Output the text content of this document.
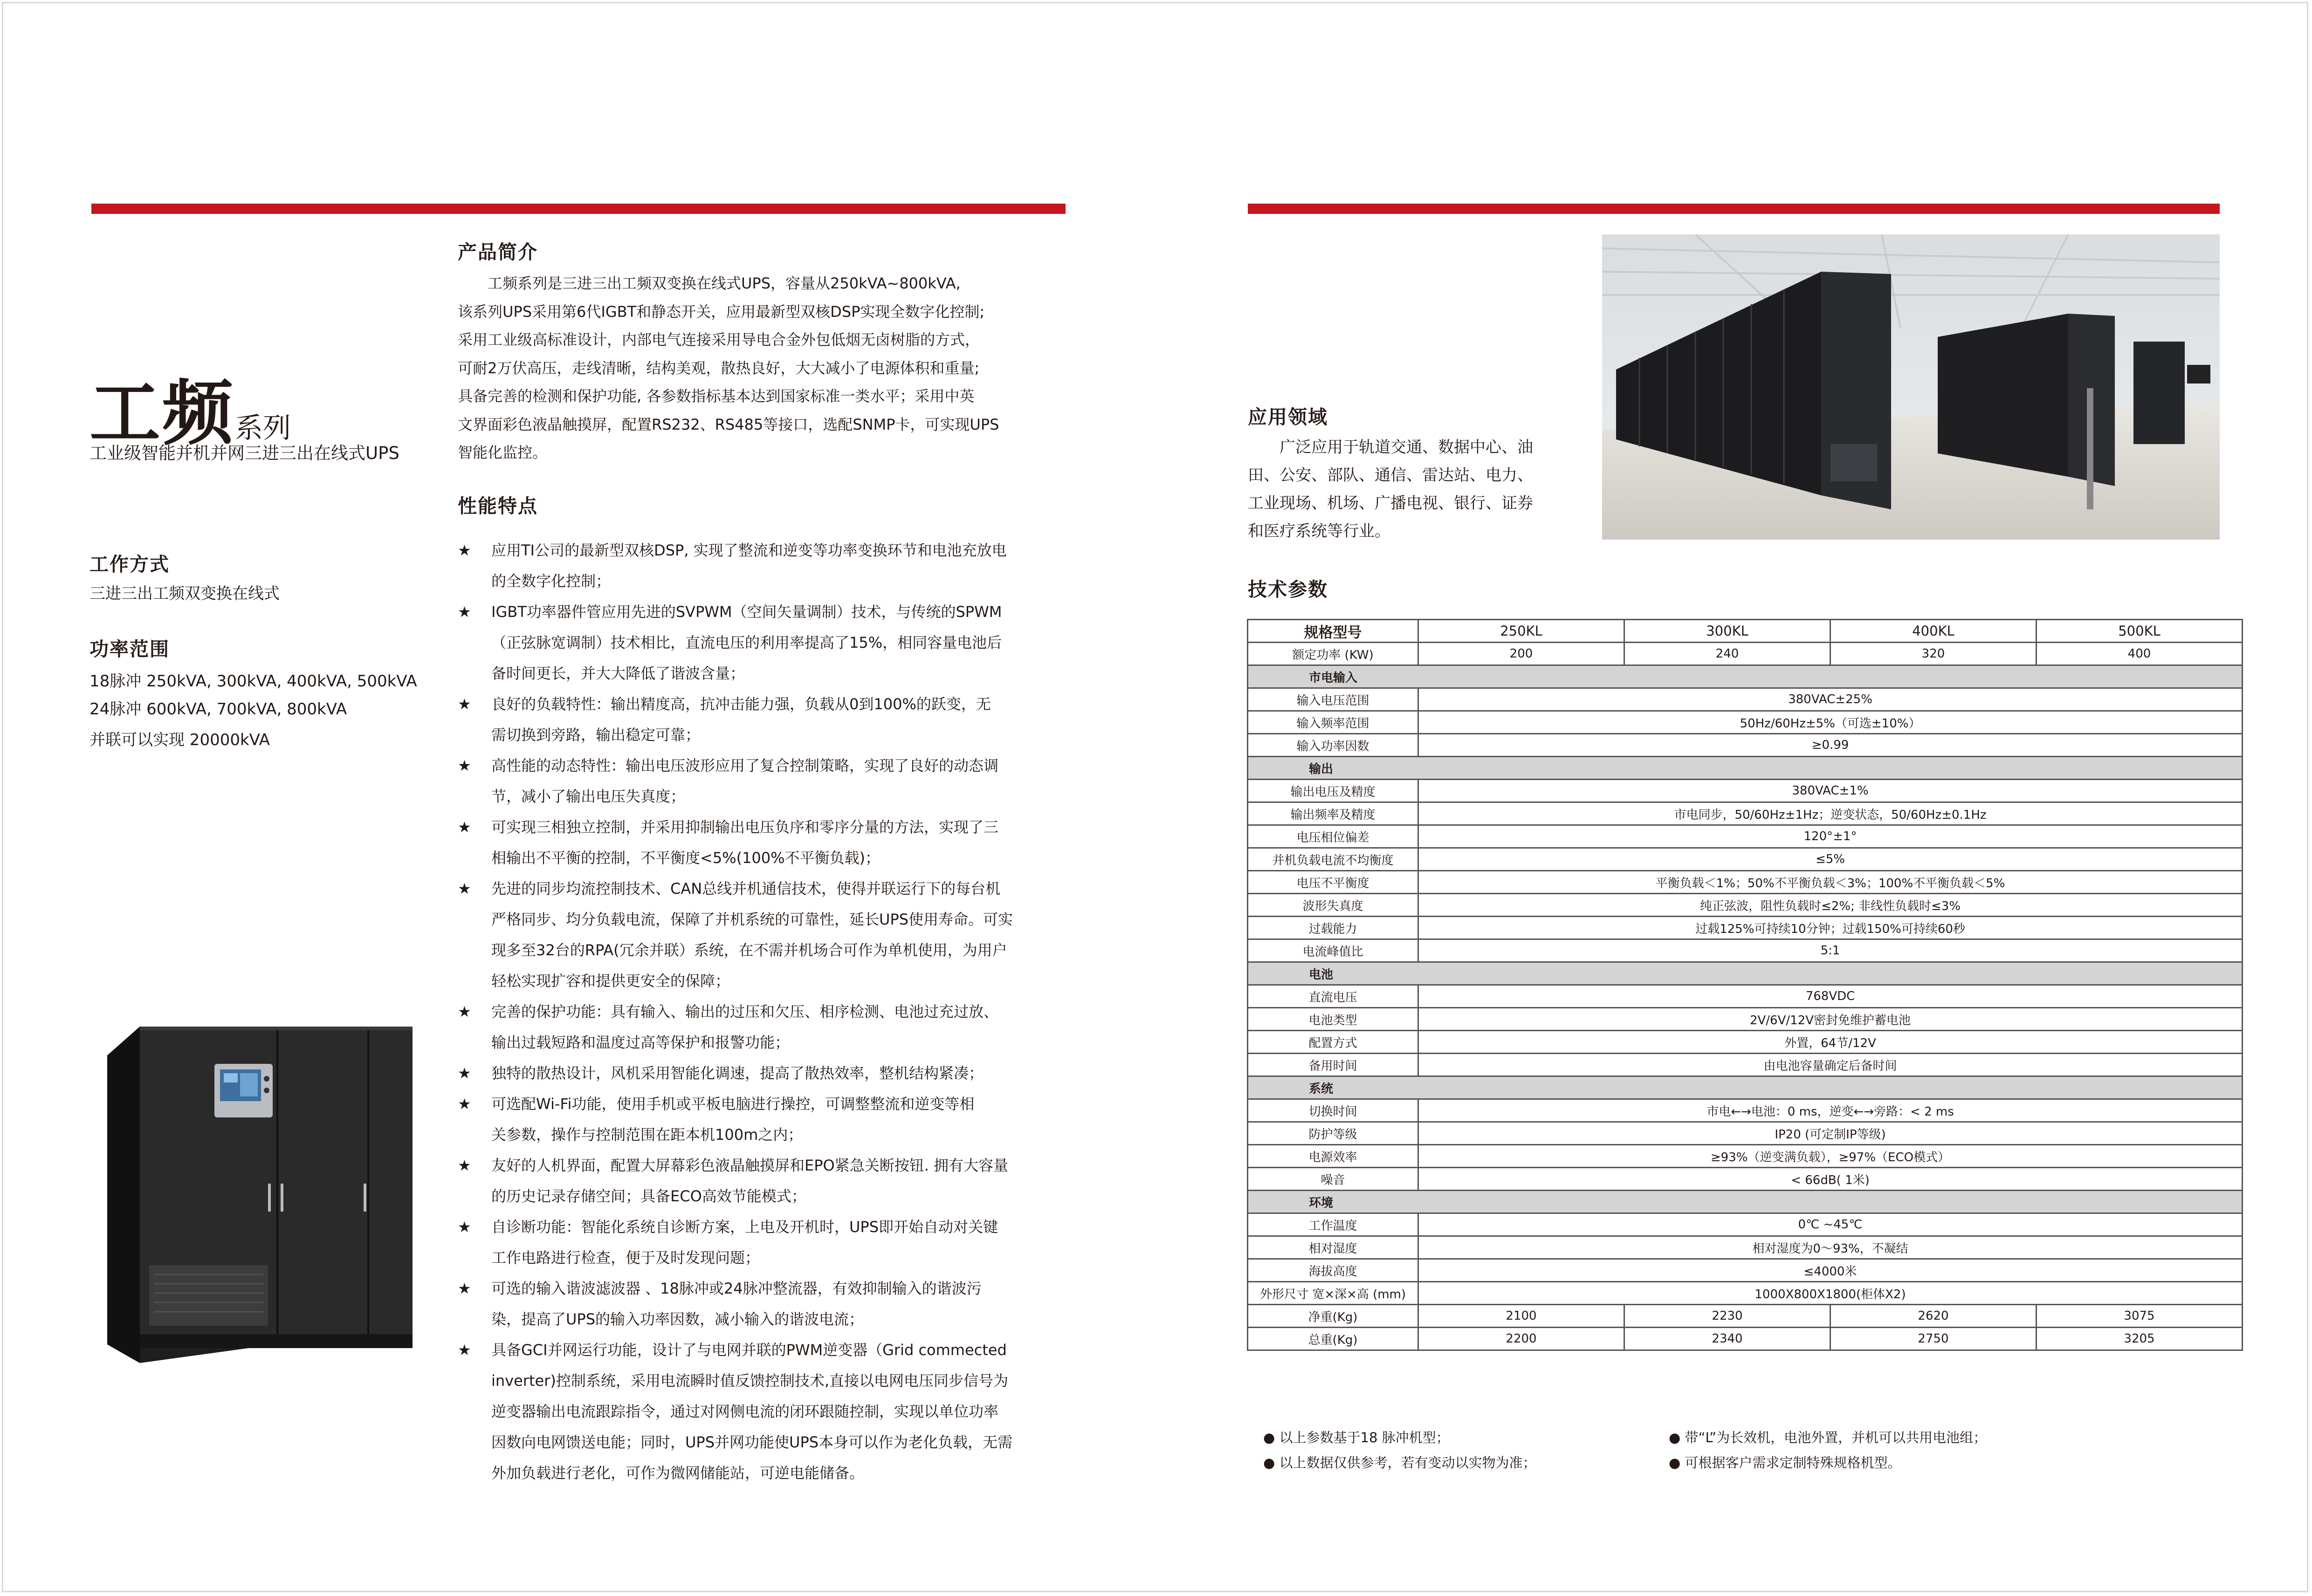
工频系列
工业级智能并机并网三进三出在线式UPS
工作方式
三进三出工频双变换在线式
功率范围
18脉冲 250kVA, 300kVA, 400kVA, 500kVA
24脉冲 600kVA, 700kVA, 800kVA
并联可以实现 20000kVA
产品简介
　　工频系列是三进三出工频双变换在线式UPS，容量从250kVA~800kVA,
该系列UPS采用第6代IGBT和静态开关，应用最新型双核DSP实现全数字化控制;
采用工业级高标准设计，内部电气连接采用导电合金外包低烟无卤树脂的方式，
可耐2万伏高压，走线清晰，结构美观，散热良好，大大减小了电源体积和重量;
具备完善的检测和保护功能, 各参数指标基本达到国家标准一类水平；采用中英
文界面彩色液晶触摸屏，配置RS232、RS485等接口，选配SNMP卡，可实现UPS
智能化监控。
性能特点
★ 应用TI公司的最新型双核DSP, 实现了整流和逆变等功率变换环节和电池充放电
的全数字化控制；
★ IGBT功率器件管应用先进的SVPWM（空间矢量调制）技术，与传统的SPWM
（正弦脉宽调制）技术相比，直流电压的利用率提高了15%，相同容量电池后
备时间更长，并大大降低了谐波含量；
★ 良好的负载特性：输出精度高，抗冲击能力强，负载从0到100%的跃变，无
需切换到旁路，输出稳定可靠；
★ 高性能的动态特性：输出电压波形应用了复合控制策略，实现了良好的动态调
节，减小了输出电压失真度；
★ 可实现三相独立控制，并采用抑制输出电压负序和零序分量的方法，实现了三
相输出不平衡的控制，不平衡度<5%(100%不平衡负载)；
★ 先进的同步均流控制技术、CAN总线并机通信技术，使得并联运行下的每台机
严格同步、均分负载电流，保障了并机系统的可靠性，延长UPS使用寿命。可实
现多至32台的RPA(冗余并联）系统，在不需并机场合可作为单机使用，为用户
轻松实现扩容和提供更安全的保障；
★ 完善的保护功能：具有输入、输出的过压和欠压、相序检测、电池过充过放、
输出过载短路和温度过高等保护和报警功能；
★ 独特的散热设计，风机采用智能化调速，提高了散热效率，整机结构紧凑；
★ 可选配Wi-Fi功能，使用手机或平板电脑进行操控，可调整整流和逆变等相
关参数，操作与控制范围在距本机100m之内；
★ 友好的人机界面，配置大屏幕彩色液晶触摸屏和EPO紧急关断按钮. 拥有大容量
的历史记录存储空间；具备ECO高效节能模式；
★ 自诊断功能：智能化系统自诊断方案，上电及开机时，UPS即开始自动对关键
工作电路进行检查，便于及时发现问题；
★ 可选的输入谐波滤波器 、18脉冲或24脉冲整流器，有效抑制输入的谐波污
染，提高了UPS的输入功率因数，减小输入的谐波电流；
★ 具备GCI并网运行功能，设计了与电网并联的PWM逆变器（Grid commected
inverter)控制系统，采用电流瞬时值反馈控制技术,直接以电网电压同步信号为
逆变器输出电流跟踪指令，通过对网侧电流的闭环跟随控制，实现以单位功率
因数向电网馈送电能；同时，UPS并网功能使UPS本身可以作为老化负载，无需
外加负载进行老化，可作为微网储能站，可逆电能储备。
应用领域
　　广泛应用于轨道交通、数据中心、油
田、公安、部队、通信、雷达站、电力、
工业现场、机场、广播电视、银行、证券
和医疗系统等行业。
技术参数
规格型号	250KL	300KL	400KL	500KL
额定功率 (KW)	200	240	320	400
市电输入				
输入电压范围	380VAC±25%			
输入频率范围	50Hz/60Hz±5%（可选±10%）			
输入功率因数	≥0.99			
输出				
输出电压及精度	380VAC±1%			
输出频率及精度	市电同步，50/60Hz±1Hz；逆变状态，50/60Hz±0.1Hz			
电压相位偏差	120°±1°			
并机负载电流不均衡度	≤5%			
电压不平衡度	平衡负载＜1%；50%不平衡负载＜3%；100%不平衡负载＜5%			
波形失真度	纯正弦波，阻性负载时≤2%; 非线性负载时≤3%			
过载能力	过载125%可持续10分钟；过载150%可持续60秒			
电流峰值比	5:1			
电池				
直流电压	768VDC			
电池类型	2V/6V/12V密封免维护蓄电池			
配置方式	外置，64节/12V			
备用时间	由电池容量确定后备时间			
系统				
切换时间	市电←→电池：0 ms，逆变←→旁路：< 2 ms			
防护等级	IP20 (可定制IP等级)			
电源效率	≥93%（逆变满负载），≥97%（ECO模式）			
噪音	< 66dB( 1米)			
环境				
工作温度	0℃ ~45℃			
相对湿度	相对湿度为0～93%，不凝结			
海拔高度	≤4000米			
外形尺寸 宽×深×高 (mm)	1000X800X1800(柜体X2)			
净重(Kg)	2100	2230	2620	3075
总重(Kg)	2200	2340	2750	3205
● 以上参数基于18 脉冲机型；	● 带“L”为长效机，电池外置，并机可以共用电池组；
● 以上数据仅供参考，若有变动以实物为准；	● 可根据客户需求定制特殊规格机型。
